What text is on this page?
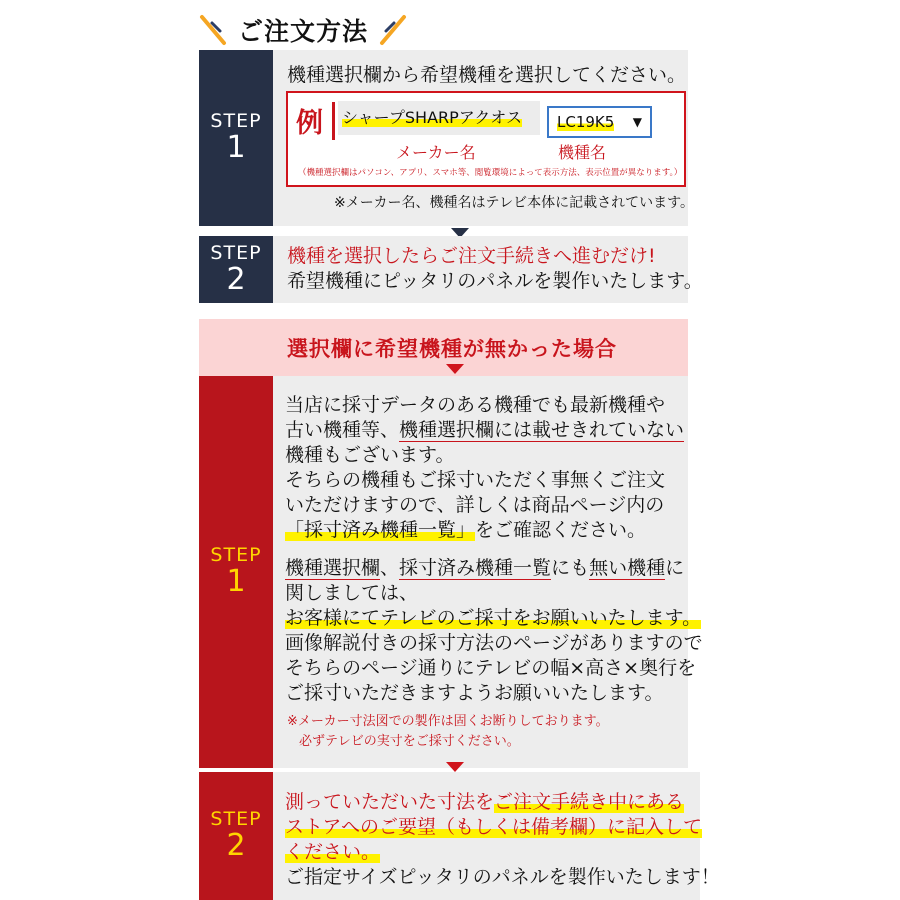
ご注文方法
STEP
1
機種選択欄から希望機種を選択してください。
例 シャープSHARPアクオス	LC19K5 ▼
メーカー名	機種名
（機種選択欄はパソコン、アプリ、スマホ等、閲覧環境によって表示方法、表示位置が異なります。）
※メーカー名、機種名はテレビ本体に記載されています。
STEP
2
機種を選択したらご注文手続きへ進むだけ!
希望機種にピッタリのパネルを製作いたします。
選択欄に希望機種が無かった場合
STEP
1
当店に採寸データのある機種でも最新機種や
古い機種等、機種選択欄には載せきれていない
機種もございます。
そちらの機種もご採寸いただく事無くご注文
いただけますので、詳しくは商品ページ内の
「採寸済み機種一覧」をご確認ください。
機種選択欄、採寸済み機種一覧にも無い機種に
関しましては、
お客様にてテレビのご採寸をお願いいたします。
画像解説付きの採寸方法のページがありますので
そちらのページ通りにテレビの幅×高さ×奥行を
ご採寸いただきますようお願いいたします。
※メーカー寸法図での製作は固くお断りしております。
必ずテレビの実寸をご採寸ください。
STEP
2
測っていただいた寸法をご注文手続き中にある
ストアへのご要望（もしくは備考欄）に記入して
ください。
ご指定サイズピッタリのパネルを製作いたします！
